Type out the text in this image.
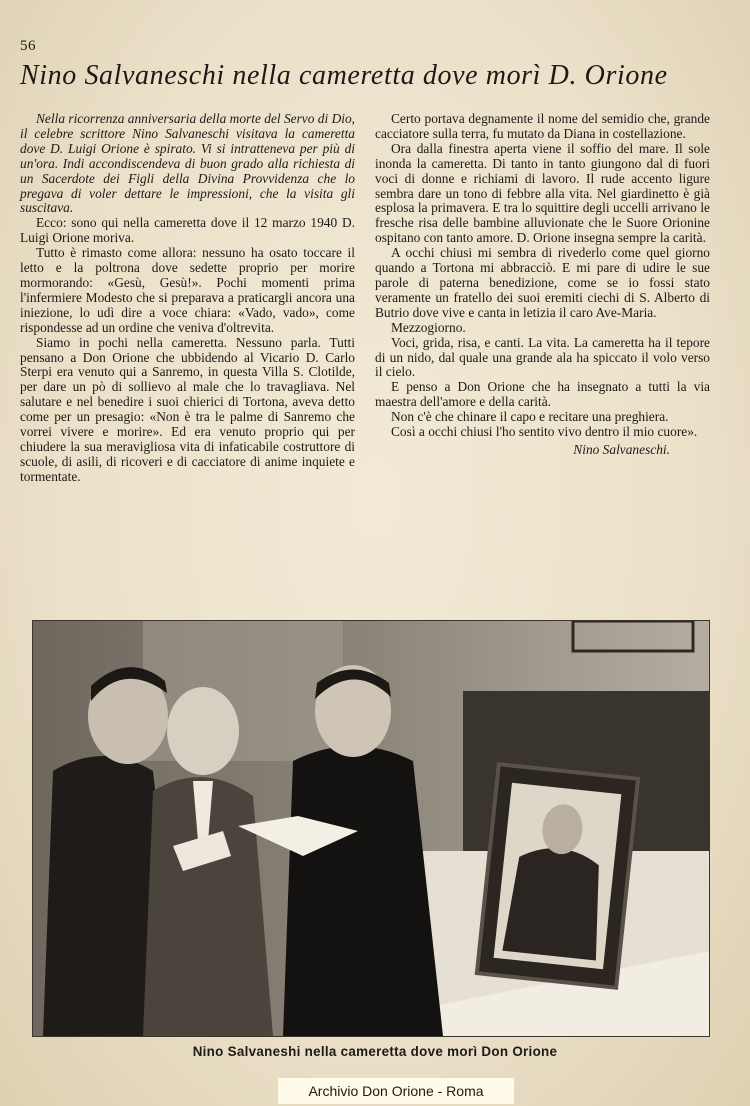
56
Nino Salvaneschi nella cameretta dove morì D. Orione

Nella ricorrenza anniversaria della morte del Servo di Dio, il celebre scrittore Nino Salvaneschi visitava la cameretta dove D. Luigi Orione è spirato. Vi si intratteneva per più di un'ora. Indi accondiscendeva di buon grado alla richiesta di un Sacerdote dei Figli della Divina Provvidenza che lo pregava di voler dettare le impressioni, che la visita gli suscitava.

Ecco: sono qui nella cameretta dove il 12 marzo 1940 D. Luigi Orione moriva.

Tutto è rimasto come allora: nessuno ha osato toccare il letto e la poltrona dove sedette proprio per morire mormorando: «Gesù, Gesù!». Pochi momenti prima l'infermiere Modesto che si preparava a praticargli ancora una iniezione, lo udì dire a voce chiara: «Vado, vado», come rispondesse ad un ordine che veniva d'oltrevita.

Siamo in pochi nella cameretta. Nessuno parla. Tutti pensano a Don Orione che ubbidendo al Vicario D. Carlo Sterpi era venuto qui a Sanremo, in questa Villa S. Clotilde, per dare un pò di sollievo al male che lo travagliava. Nel salutare e nel benedire i suoi chierici di Tortona, aveva detto come per un presagio: «Non è tra le palme di Sanremo che vorrei vivere e morire». Ed era venuto proprio qui per chiudere la sua meravigliosa vita di infaticabile costruttore di scuole, di asili, di ricoveri e di cacciatore di anime inquiete e tormentate.

Certo portava degnamente il nome del semidio che, grande cacciatore sulla terra, fu mutato da Diana in costellazione.

Ora dalla finestra aperta viene il soffio del mare. Il sole inonda la cameretta. Di tanto in tanto giungono dal di fuori voci di donne e richiami di lavoro. Il rude accento ligure sembra dare un tono di febbre alla vita. Nel giardinetto è già esplosa la primavera. E tra lo squittire degli uccelli arrivano le fresche risa delle bambine alluvionate che le Suore Orionine ospitano con tanto amore. D. Orione insegna sempre la carità.

A occhi chiusi mi sembra di rivederlo come quel giorno quando a Tortona mi abbracciò. E mi pare di udire le sue parole di paterna benedizione, come se io fossi stato veramente un fratello dei suoi eremiti ciechi di S. Alberto di Butrio dove vive e canta in letizia il caro Ave-Maria.

Mezzogiorno.

Voci, grida, risa, e canti. La vita. La cameretta ha il tepore di un nido, dal quale una grande ala ha spiccato il volo verso il cielo.

E penso a Don Orione che ha insegnato a tutti la via maestra dell'amore e della carità.

Non c'è che chinare il capo e recitare una preghiera.

Così a occhi chiusi l'ho sentito vivo dentro il mio cuore».

Nino Salvaneschi.

Nino Salvaneshi nella cameretta dove morì Don Orione
Archivio Don Orione - Roma
